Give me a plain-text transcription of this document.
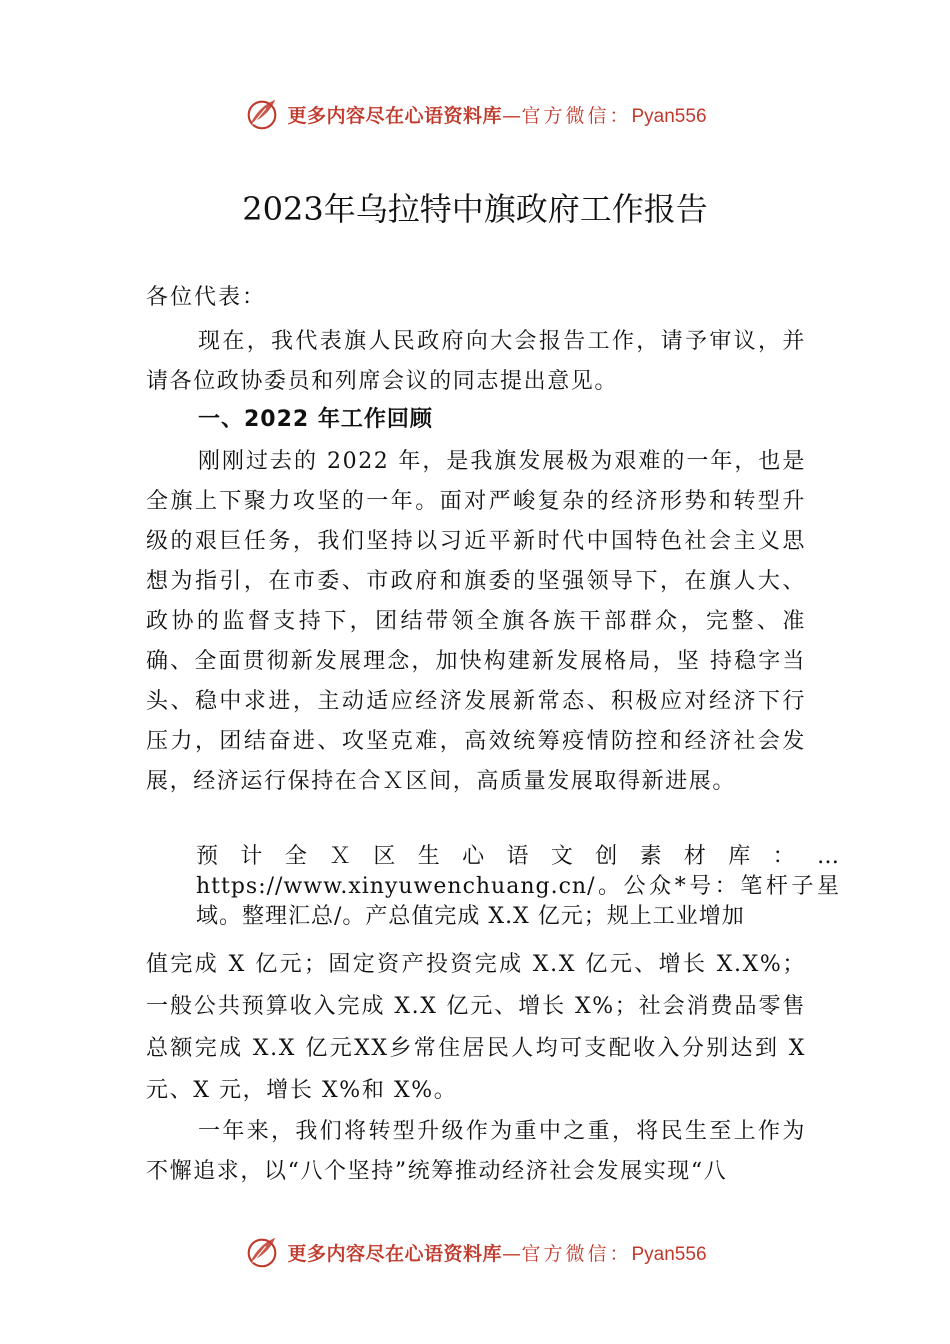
更多内容尽在心语资料库—官方微信：Pyan556
2023年乌拉特中旗政府工作报告

各位代表：

现在，我代表旗人民政府向大会报告工作，请予审议，并请各位政协委员和列席会议的同志提出意见。

一、2022 年工作回顾

刚刚过去的 2022 年，是我旗发展极为艰难的一年，也是全旗上下聚力攻坚的一年。面对严峻复杂的经济形势和转型升级的艰巨任务，我们坚持以习近平新时代中国特色社会主义思想为指引，在市委、市政府和旗委的坚强领导下，在旗人大、政协的监督支持下，团结带领全旗各族干部群众，完整、准确、全面贯彻新发展理念，加快构建新发展格局，坚 持稳字当头、稳中求进，主动适应经济发展新常态、积极应对经济下行压力，团结奋进、攻坚克难，高效统筹疫情防控和经济社会发展，经济运行保持在合Ｘ区间，高质量发展取得新进展。

预 计 全 Ｘ 区 生 心 语 文 创 素 材 库 ： … https://www.xinyuwenchuang.cn/。公众*号：笔杆子星域。整理汇总/。产总值完成 X.X 亿元；规上工业增加

值完成 X 亿元；固定资产投资完成 X.X 亿元、增长 X.X%；一般公共预算收入完成 X.X 亿元、增长 X%；社会消费品零售总额完成 X.X 亿元XX乡常住居民人均可支配收入分别达到 X 元、X 元，增长 X%和 X%。

一年来，我们将转型升级作为重中之重，将民生至上作为不懈追求，以“八个坚持”统筹推动经济社会发展实现“八

更多内容尽在心语资料库—官方微信：Pyan556
